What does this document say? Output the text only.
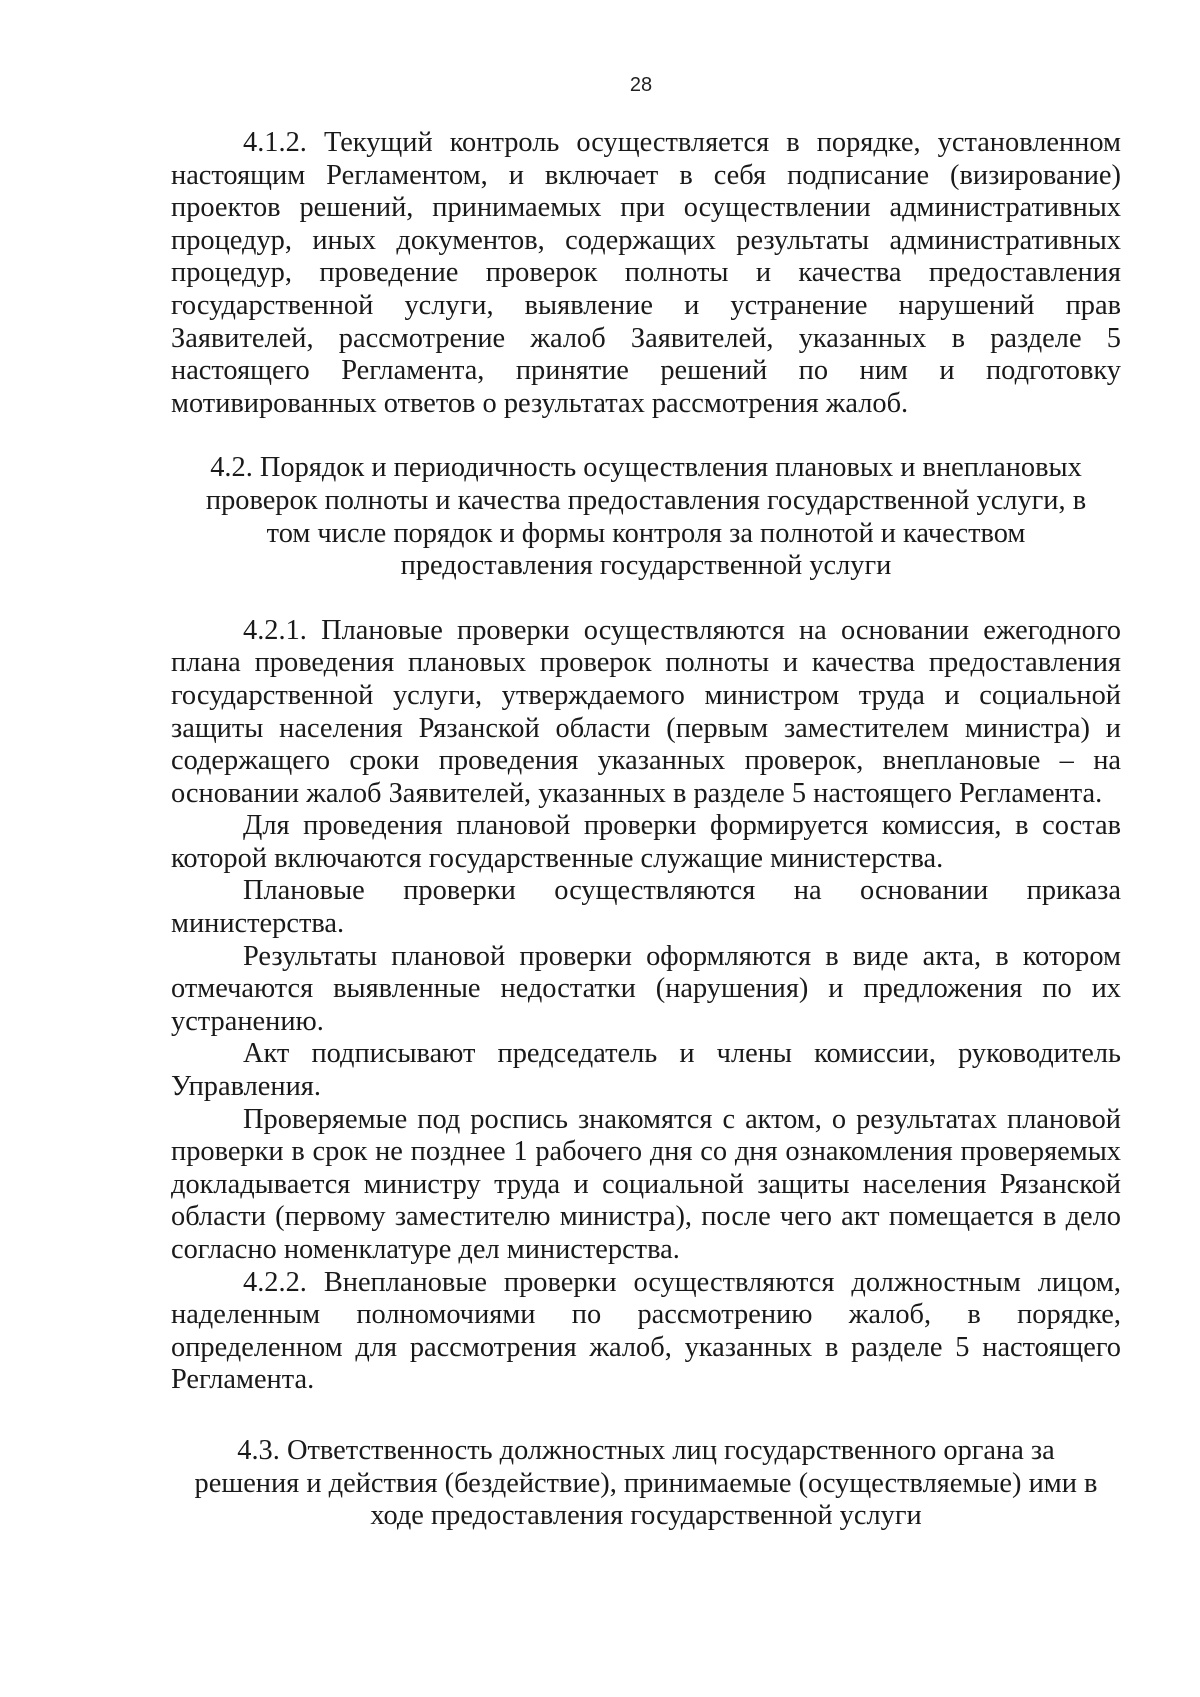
28

4.1.2. Текущий контроль осуществляется в порядке, установленном настоящим Регламентом, и включает в себя подписание (визирование) проектов решений, принимаемых при осуществлении административных процедур, иных документов, содержащих результаты административных процедур, проведение проверок полноты и качества предоставления государственной услуги, выявление и устранение нарушений прав Заявителей, рассмотрение жалоб Заявителей, указанных в разделе 5 настоящего Регламента, принятие решений по ним и подготовку мотивированных ответов о результатах рассмотрения жалоб.

4.2. Порядок и периодичность осуществления плановых и внеплановых проверок полноты и качества предоставления государственной услуги, в том числе порядок и формы контроля за полнотой и качеством предоставления государственной услуги

4.2.1. Плановые проверки осуществляются на основании ежегодного плана проведения плановых проверок полноты и качества предоставления государственной услуги, утверждаемого министром труда и социальной защиты населения Рязанской области (первым заместителем министра) и содержащего сроки проведения указанных проверок, внеплановые – на основании жалоб Заявителей, указанных в разделе 5 настоящего Регламента.

Для проведения плановой проверки формируется комиссия, в состав которой включаются государственные служащие министерства.

Плановые проверки осуществляются на основании приказа министерства.

Результаты плановой проверки оформляются в виде акта, в котором отмечаются выявленные недостатки (нарушения) и предложения по их устранению.

Акт подписывают председатель и члены комиссии, руководитель Управления.

Проверяемые под роспись знакомятся с актом, о результатах плановой проверки в срок не позднее 1 рабочего дня со дня ознакомления проверяемых докладывается министру труда и социальной защиты населения Рязанской области (первому заместителю министра), после чего акт помещается в дело согласно номенклатуре дел министерства.

4.2.2. Внеплановые проверки осуществляются должностным лицом, наделенным полномочиями по рассмотрению жалоб, в порядке, определенном для рассмотрения жалоб, указанных в разделе 5 настоящего Регламента.

4.3. Ответственность должностных лиц государственного органа за решения и действия (бездействие), принимаемые (осуществляемые) ими в ходе предоставления государственной услуги
